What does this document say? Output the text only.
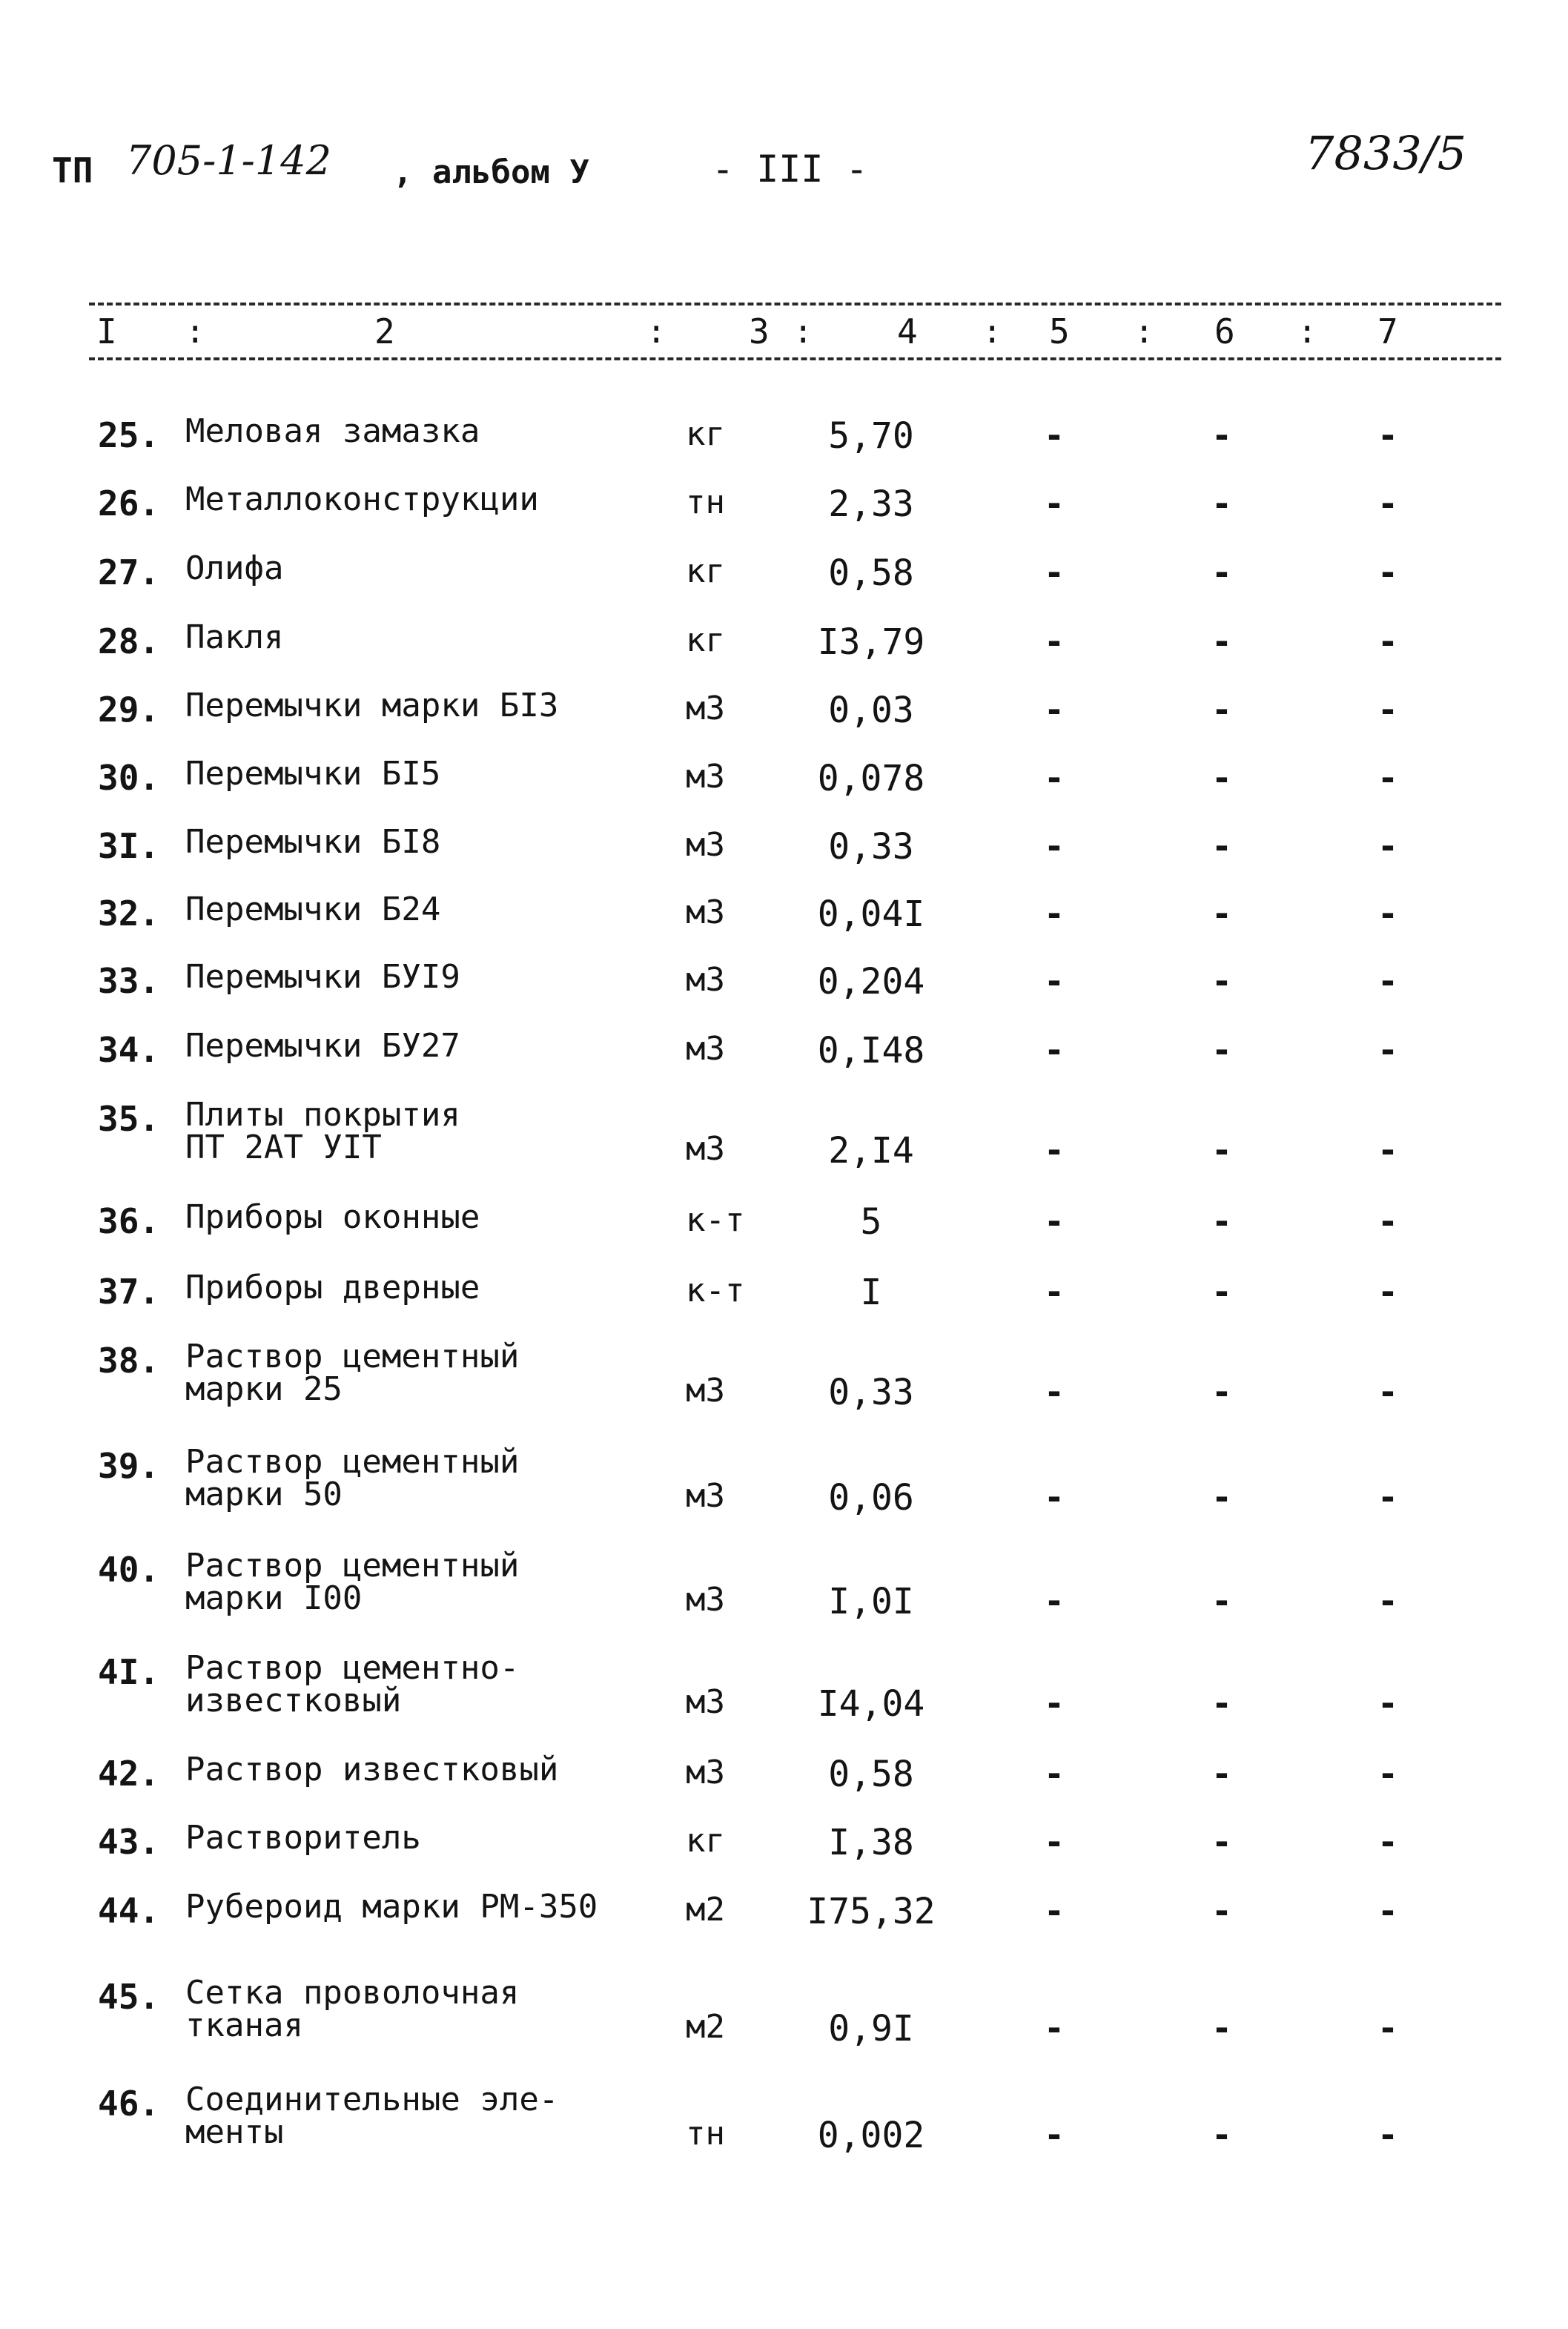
ТП 705-1-142 , альбом У	- III -	7833/5
I :	2	: 3 : 4 : 5 : 6 : 7
25. Меловая замазка	кг	5,70	-	-	-
26. Металлоконструкции	тн	2,33	-	-	-
27. Олифа	кг	0,58	-	-	-
28. Пакля	кг	I3,79	-	-	-
29. Перемычки марки БI3	м3	0,03	-	-	-
30. Перемычки БI5	м3	0,078	-	-	-
3I. Перемычки БI8	м3	0,33	-	-	-
32. Перемычки Б24	м3	0,04I	-	-	-
33. Перемычки БУI9	м3	0,204	-	-	-
34. Перемычки БУ27	м3	0,I48	-	-	-
35. Плиты покрытия
ПТ 2АТ УIТ	м3	2,I4	-	-	-
36. Приборы оконные	к-т	5	-	-	-
37. Приборы дверные	к-т	I	-	-	-
38. Раствор цементный
марки 25	м3	0,33	-	-	-
39. Раствор цементный
марки 50	м3	0,06	-	-	-
40. Раствор цементный
марки I00	м3	I,0I	-	-	-
4I. Раствор цементно-
известковый	м3	I4,04	-	-	-
42. Раствор известковый	м3	0,58	-	-	-
43. Растворитель	кг	I,38	-	-	-
44. Рубероид марки РМ-350	м2	I75,32	-	-	-
45. Сетка проволочная
тканая	м2	0,9I	-	-	-
46. Соединительные эле-
менты	тн	0,002	-	-	-
